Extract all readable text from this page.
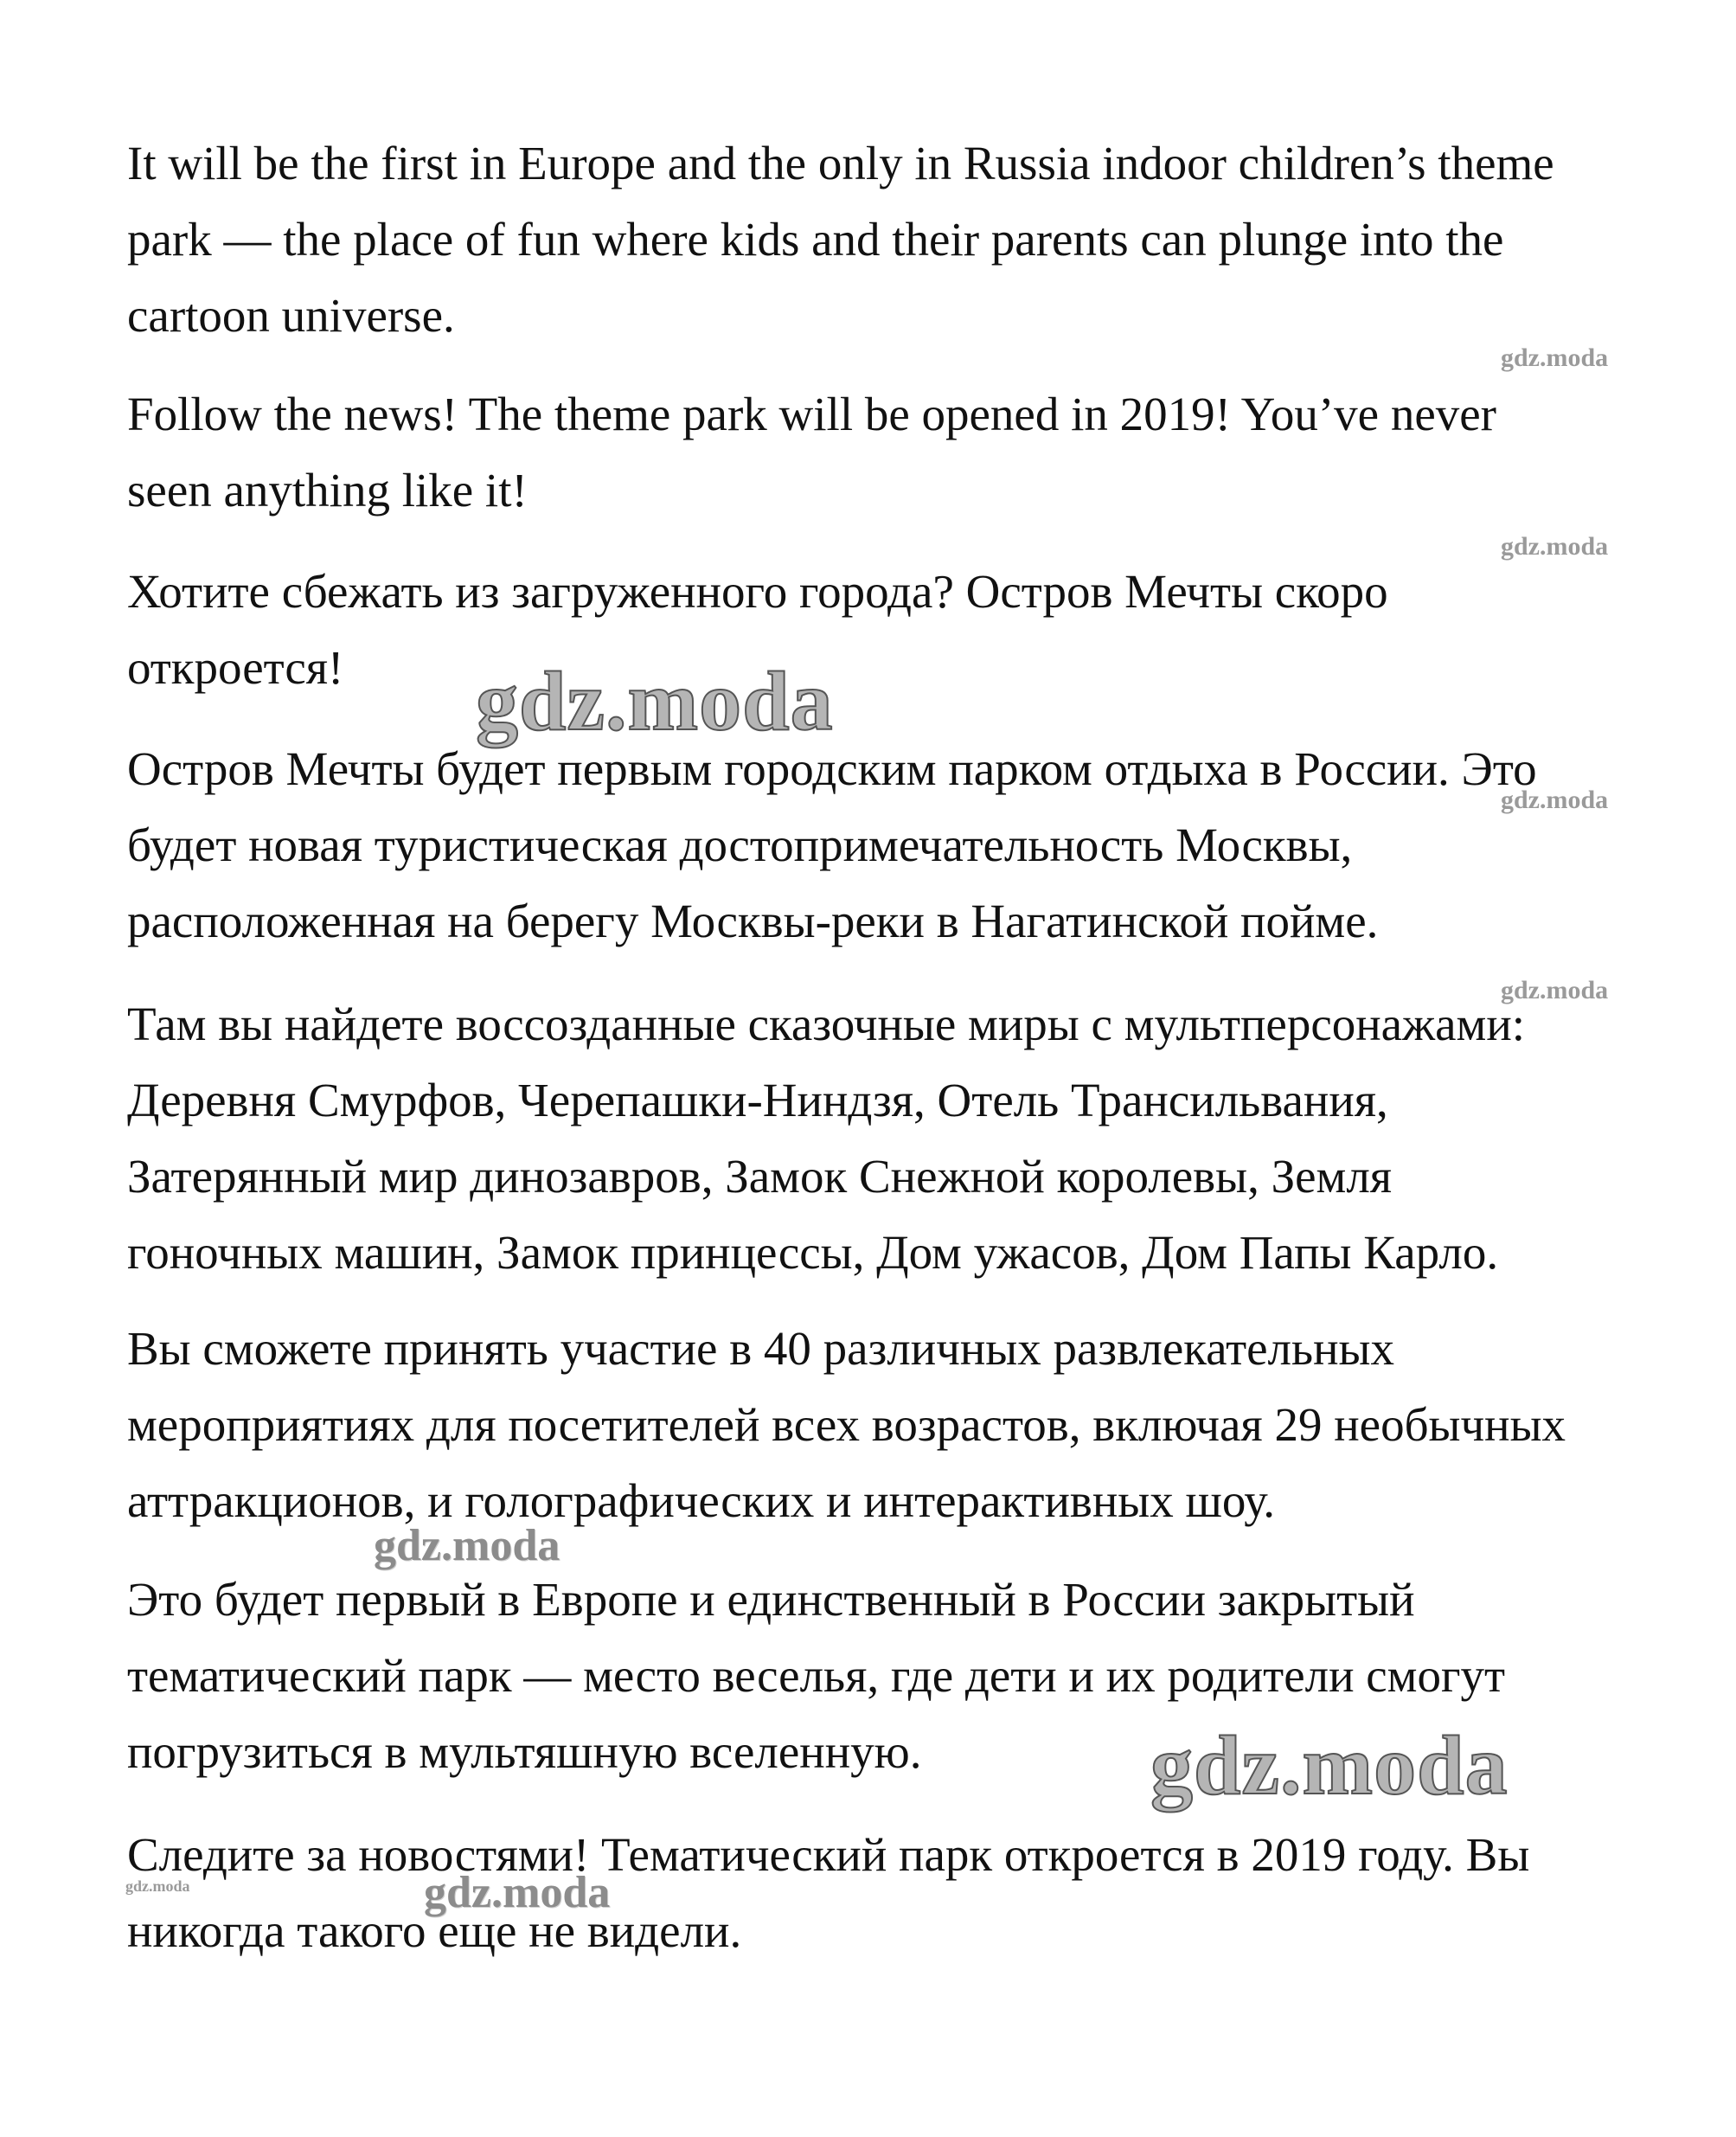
It will be the first in Europe and the only in Russia indoor children’s theme
park — the place of fun where kids and their parents can plunge into the
cartoon universe.

Follow the news! The theme park will be opened in 2019! You’ve never
seen anything like it!

Хотите сбежать из загруженного города? Остров Мечты скоро
откроется!

Остров Мечты будет первым городским парком отдыха в России. Это
будет новая туристическая достопримечательность Москвы,
расположенная на берегу Москвы-реки в Нагатинской пойме.

Там вы найдете воссозданные сказочные миры с мультперсонажами:
Деревня Смурфов, Черепашки-Ниндзя, Отель Трансильвания,
Затерянный мир динозавров, Замок Снежной королевы, Земля
гоночных машин, Замок принцессы, Дом ужасов, Дом Папы Карло.

Вы сможете принять участие в 40 различных развлекательных
мероприятиях для посетителей всех возрастов, включая 29 необычных
аттракционов, и голографических и интерактивных шоу.

Это будет первый в Европе и единственный в России закрытый
тематический парк — место веселья, где дети и их родители смогут
погрузиться в мультяшную вселенную.

Следите за новостями! Тематический парк откроется в 2019 году. Вы
никогда такого еще не видели.

gdz.moda
gdz.moda
gdz.moda
gdz.moda
gdz.moda
gdz.moda
gdz.moda
gdz.moda	gdz.moda
